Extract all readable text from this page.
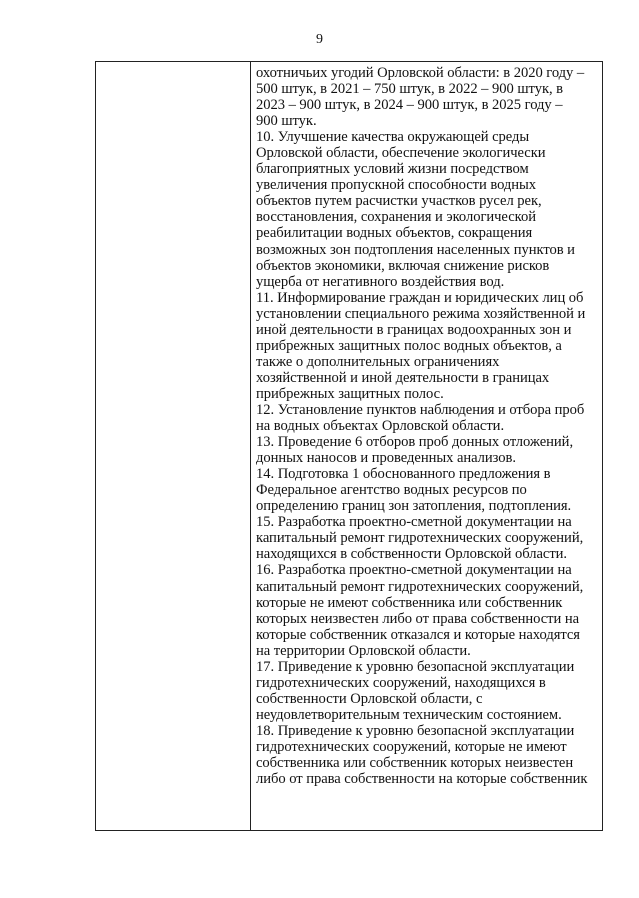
9

охотничьих угодий Орловской области: в 2020 году –
500 штук, в 2021 – 750 штук, в 2022 – 900 штук, в
2023 – 900 штук, в 2024 – 900 штук, в 2025 году –
900 штук.

10. Улучшение качества окружающей среды
Орловской области, обеспечение экологически
благоприятных условий жизни посредством
увеличения пропускной способности водных
объектов путем расчистки участков русел рек,
восстановления, сохранения и экологической
реабилитации водных объектов, сокращения
возможных зон подтопления населенных пунктов и
объектов экономики, включая снижение рисков
ущерба от негативного воздействия вод.

11. Информирование граждан и юридических лиц об
установлении специального режима хозяйственной и
иной деятельности в границах водоохранных зон и
прибрежных защитных полос водных объектов, а
также о дополнительных ограничениях
хозяйственной и иной деятельности в границах
прибрежных защитных полос.

12. Установление пунктов наблюдения и отбора проб
на водных объектах Орловской области.

13. Проведение 6 отборов проб донных отложений,
донных наносов и проведенных анализов.

14. Подготовка 1 обоснованного предложения в
Федеральное агентство водных ресурсов по
определению границ зон затопления, подтопления.

15. Разработка проектно-сметной документации на
капитальный ремонт гидротехнических сооружений,
находящихся в собственности Орловской области.

16. Разработка проектно-сметной документации на
капитальный ремонт гидротехнических сооружений,
которые не имеют собственника или собственник
которых неизвестен либо от права собственности на
которые собственник отказался и которые находятся
на территории Орловской области.

17. Приведение к уровню безопасной эксплуатации
гидротехнических сооружений, находящихся в
собственности Орловской области, с
неудовлетворительным техническим состоянием.

18. Приведение к уровню безопасной эксплуатации
гидротехнических сооружений, которые не имеют
собственника или собственник которых неизвестен
либо от права собственности на которые собственник
